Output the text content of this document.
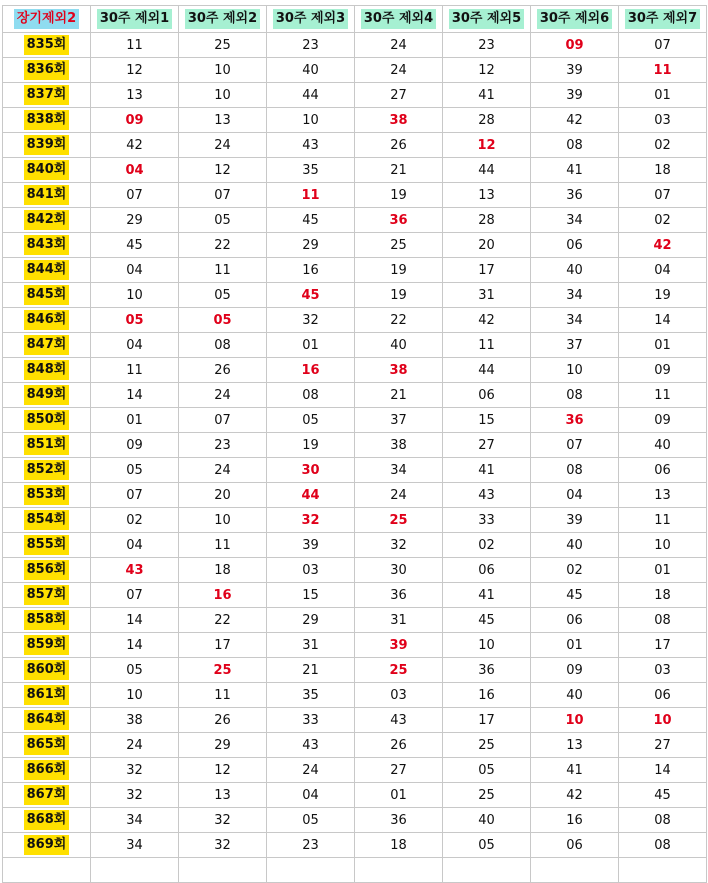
장기제외2	30주 제외1	30주 제외2	30주 제외3	30주 제외4	30주 제외5	30주 제외6	30주 제외7
835회	11	25	23	24	23	09	07
836회	12	10	40	24	12	39	11
837회	13	10	44	27	41	39	01
838회	09	13	10	38	28	42	03
839회	42	24	43	26	12	08	02
840회	04	12	35	21	44	41	18
841회	07	07	11	19	13	36	07
842회	29	05	45	36	28	34	02
843회	45	22	29	25	20	06	42
844회	04	11	16	19	17	40	04
845회	10	05	45	19	31	34	19
846회	05	05	32	22	42	34	14
847회	04	08	01	40	11	37	01
848회	11	26	16	38	44	10	09
849회	14	24	08	21	06	08	11
850회	01	07	05	37	15	36	09
851회	09	23	19	38	27	07	40
852회	05	24	30	34	41	08	06
853회	07	20	44	24	43	04	13
854회	02	10	32	25	33	39	11
855회	04	11	39	32	02	40	10
856회	43	18	03	30	06	02	01
857회	07	16	15	36	41	45	18
858회	14	22	29	31	45	06	08
859회	14	17	31	39	10	01	17
860회	05	25	21	25	36	09	03
861회	10	11	35	03	16	40	06
864회	38	26	33	43	17	10	10
865회	24	29	43	26	25	13	27
866회	32	12	24	27	05	41	14
867회	32	13	04	01	25	42	45
868회	34	32	05	36	40	16	08
869회	34	32	23	18	05	06	08
